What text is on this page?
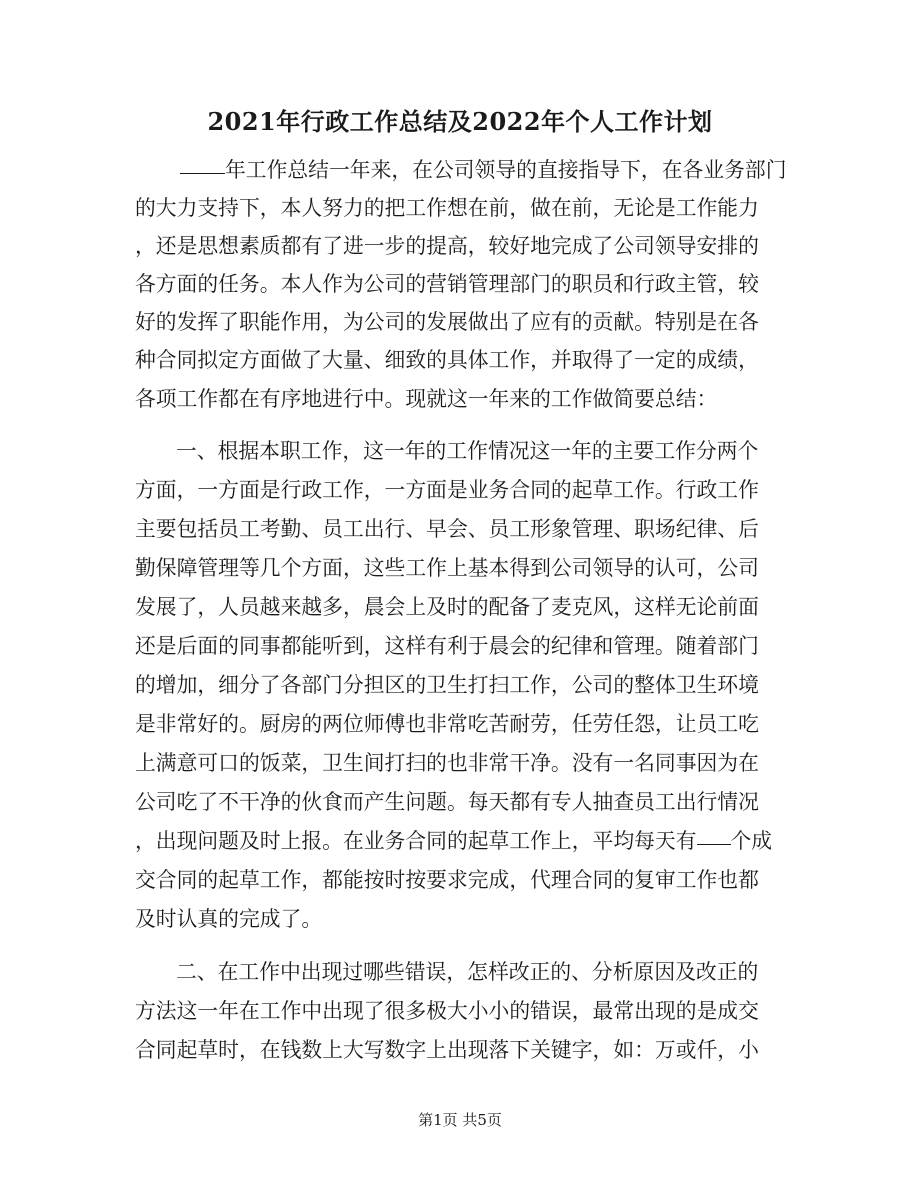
2021年行政工作总结及2022年个人工作计划
年工作总结一年来，在公司领导的直接指导下，在各业务部门
的大力支持下，本人努力的把工作想在前，做在前，无论是工作能力
，还是思想素质都有了进一步的提高，较好地完成了公司领导安排的
各方面的任务。本人作为公司的营销管理部门的职员和行政主管，较
好的发挥了职能作用，为公司的发展做出了应有的贡献。特别是在各
种合同拟定方面做了大量、细致的具体工作，并取得了一定的成绩，
各项工作都在有序地进行中。现就这一年来的工作做简要总结：
一、根据本职工作，这一年的工作情况这一年的主要工作分两个
方面，一方面是行政工作，一方面是业务合同的起草工作。行政工作
主要包括员工考勤、员工出行、早会、员工形象管理、职场纪律、后
勤保障管理等几个方面，这些工作上基本得到公司领导的认可，公司
发展了，人员越来越多，晨会上及时的配备了麦克风，这样无论前面
还是后面的同事都能听到，这样有利于晨会的纪律和管理。随着部门
的增加，细分了各部门分担区的卫生打扫工作，公司的整体卫生环境
是非常好的。厨房的两位师傅也非常吃苦耐劳，任劳任怨，让员工吃
上满意可口的饭菜，卫生间打扫的也非常干净。没有一名同事因为在
公司吃了不干净的伙食而产生问题。每天都有专人抽查员工出行情况
，出现问题及时上报。在业务合同的起草工作上，平均每天有 个成
交合同的起草工作，都能按时按要求完成，代理合同的复审工作也都
及时认真的完成了。
二、在工作中出现过哪些错误，怎样改正的、分析原因及改正的
方法这一年在工作中出现了很多极大小小的错误，最常出现的是成交
合同起草时，在钱数上大写数字上出现落下关键字，如：万或仟，小
第1页 共5页
